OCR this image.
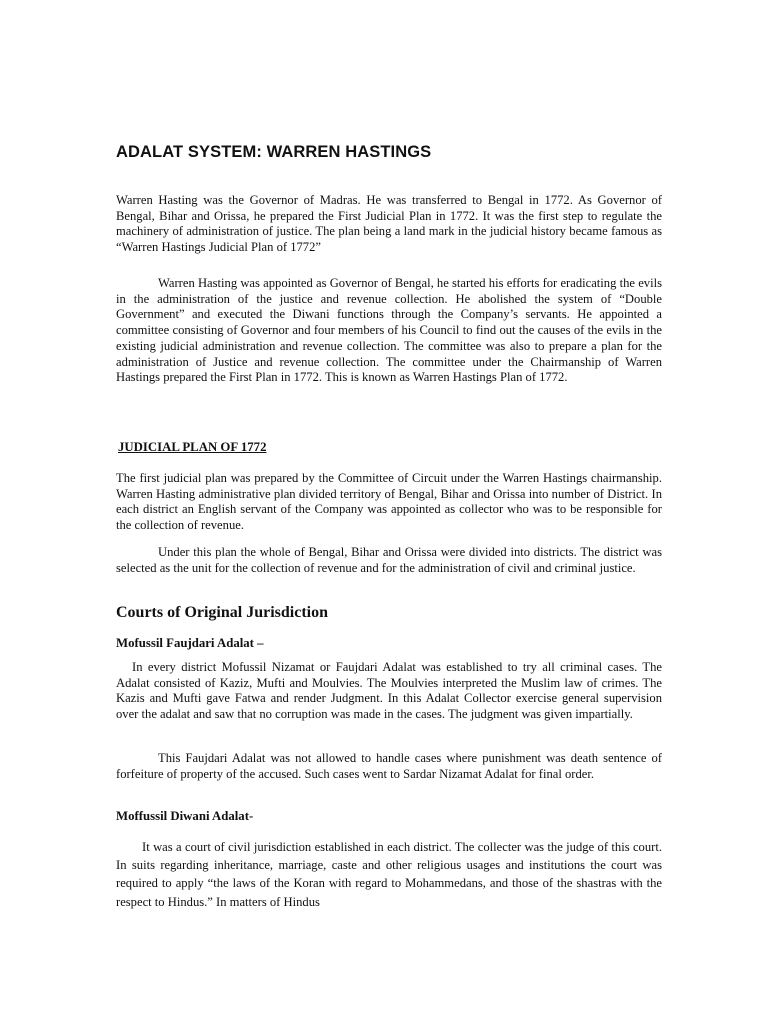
ADALAT SYSTEM: WARREN HASTINGS

Warren Hasting was the Governor of Madras. He was transferred to Bengal in 1772. As Governor of Bengal, Bihar and Orissa, he prepared the First Judicial Plan in 1772. It was the first step to regulate the machinery of administration of justice. The plan being a land mark in the judicial history became famous as “Warren Hastings Judicial Plan of 1772”

Warren Hasting was appointed as Governor of Bengal, he started his efforts for eradicating the evils in the administration of the justice and revenue collection. He abolished the system of “Double Government” and executed the Diwani functions through the Company’s servants. He appointed a committee consisting of Governor and four members of his Council to find out the causes of the evils in the existing judicial administration and revenue collection. The committee was also to prepare a plan for the administration of Justice and revenue collection. The committee under the Chairmanship of Warren Hastings prepared the First Plan in 1772. This is known as Warren Hastings Plan of 1772.

JUDICIAL PLAN OF 1772

The first judicial plan was prepared by the Committee of Circuit under the Warren Hastings chairmanship. Warren Hasting administrative plan divided territory of Bengal, Bihar and Orissa into number of District. In each district an English servant of the Company was appointed as collector who was to be responsible for the collection of revenue.

Under this plan the whole of Bengal, Bihar and Orissa were divided into districts. The district was selected as the unit for the collection of revenue and for the administration of civil and criminal justice.

Courts of Original Jurisdiction
Mofussil Faujdari Adalat –

In every district Mofussil Nizamat or Faujdari Adalat was established to try all criminal cases. The Adalat consisted of Kaziz, Mufti and Moulvies. The Moulvies interpreted the Muslim law of crimes. The Kazis and Mufti gave Fatwa and render Judgment. In this Adalat Collector exercise general supervision over the adalat and saw that no corruption was made in the cases. The judgment was given impartially.

This Faujdari Adalat was not allowed to handle cases where punishment was death sentence of forfeiture of property of the accused. Such cases went to Sardar Nizamat Adalat for final order.

Moffussil Diwani Adalat-

It was a court of civil jurisdiction established in each district. The collecter was the judge of this court. In suits regarding inheritance, marriage, caste and other religious usages and institutions the court was required to apply “the laws of the Koran with regard to Mohammedans, and those of the shastras with the respect to Hindus.” In matters of Hindus
